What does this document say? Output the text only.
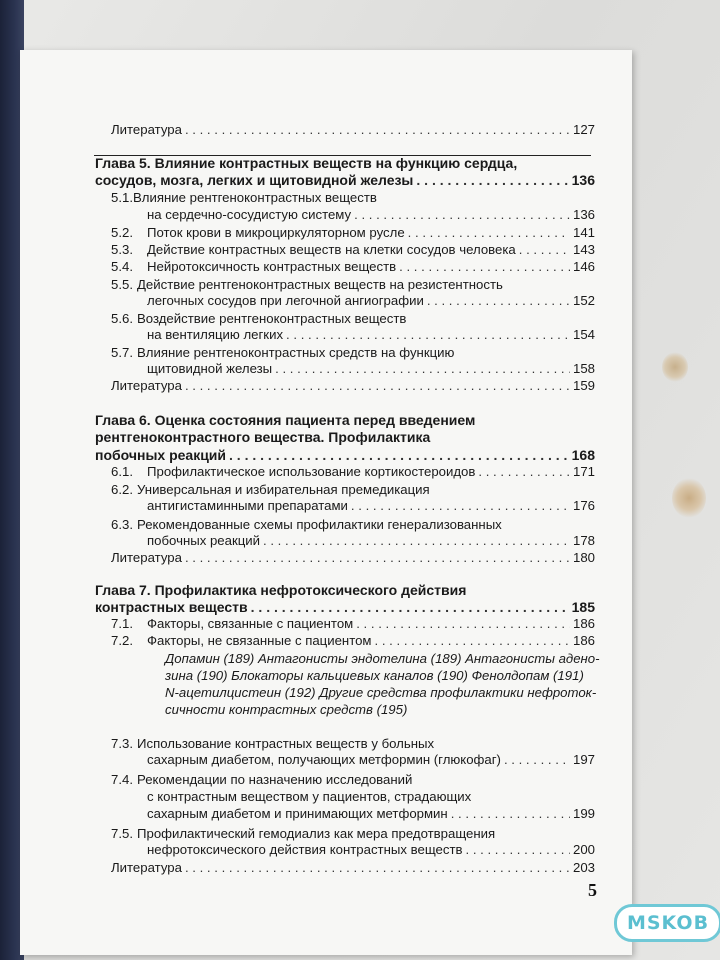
Литература . . .	127
Глава 5. Влияние контрастных веществ на функцию сердца,
сосудов, мозга, легких и щитовидной железы . . .	136
5.1.Влияние рентгеноконтрастных веществ
на сердечно-сосудистую систему . . .	136
5.2.	Поток крови в микроциркуляторном русле . . .	141
5.3.	Действие контрастных веществ на клетки сосудов человека . . .	143
5.4.	Нейротоксичность контрастных веществ . . .	146
5.5. Действие рентгеноконтрастных веществ на резистентность
легочных сосудов при легочной ангиографии . . .	152
5.6. Воздействие рентгеноконтрастных веществ
на вентиляцию легких . . .	154
5.7. Влияние рентгеноконтрастных средств на функцию
щитовидной железы . . .	158
Литература . . .	159
Глава 6. Оценка состояния пациента перед введением
рентгеноконтрастного вещества. Профилактика
побочных реакций . . .	168
6.1.	Профилактическое использование кортикостероидов . . .	171
6.2. Универсальная и избирательная премедикация
антигистаминными препаратами . . .	176
6.3. Рекомендованные схемы профилактики генерализованных
побочных реакций . . .	178
Литература . . .	180
Глава 7. Профилактика нефротоксического действия
контрастных веществ . . .	185
7.1.	Факторы, связанные с пациентом . . .	186
7.2.	Факторы, не связанные с пациентом . . .	186
Допамин (189) Антагонисты эндотелина (189) Антагонисты адено-
зина (190) Блокаторы кальциевых каналов (190) Фенолдопам (191)
N-ацетилцистеин (192) Другие средства профилактики нефроток-
сичности контрастных средств (195)
7.3. Использование контрастных веществ у больных
сахарным диабетом, получающих метформин (глюкофаг) . . .	197
7.4. Рекомендации по назначению исследований
с контрастным веществом у пациентов, страдающих
сахарным диабетом и принимающих метформин . . .	199
7.5. Профилактический гемодиализ как мера предотвращения
нефротоксического действия контрастных веществ . . .	200
Литература . . .	203
5
MSKOB
